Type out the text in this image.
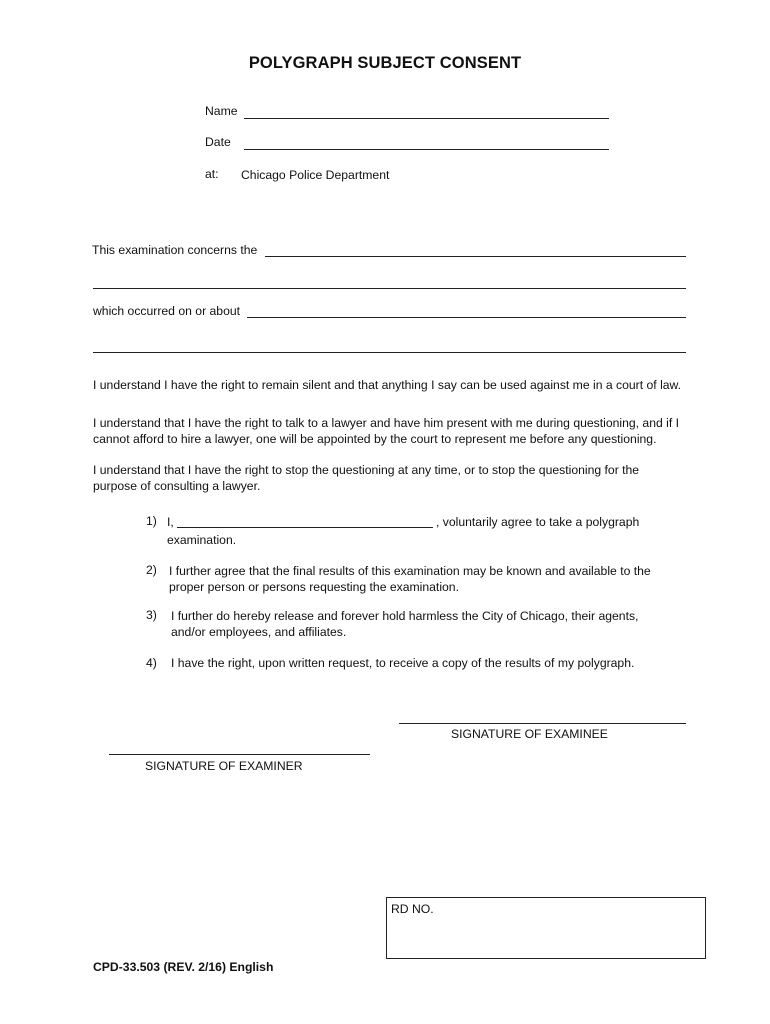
POLYGRAPH SUBJECT CONSENT
Name
Date
at: Chicago Police Department
This examination concerns the
which occurred on or about
I understand I have the right to remain silent and that anything I say can be used against me in a court of law.
I understand that I have the right to talk to a lawyer and have him present with me during questioning, and if I cannot afford to hire a lawyer, one will be appointed by the court to represent me before any questioning.
I understand that I have the right to stop the questioning at any time, or to stop the questioning for the purpose of consulting a lawyer.
1) I,	, voluntarily agree to take a polygraph
examination.
2) I further agree that the final results of this examination may be known and available to the proper person or persons requesting the examination.
3) I further do hereby release and forever hold harmless the City of Chicago, their agents, and/or employees, and affiliates.
4) I have the right, upon written request, to receive a copy of the results of my polygraph.
SIGNATURE OF EXAMINEE
SIGNATURE OF EXAMINER
RD NO.
CPD-33.503 (REV. 2/16) English
